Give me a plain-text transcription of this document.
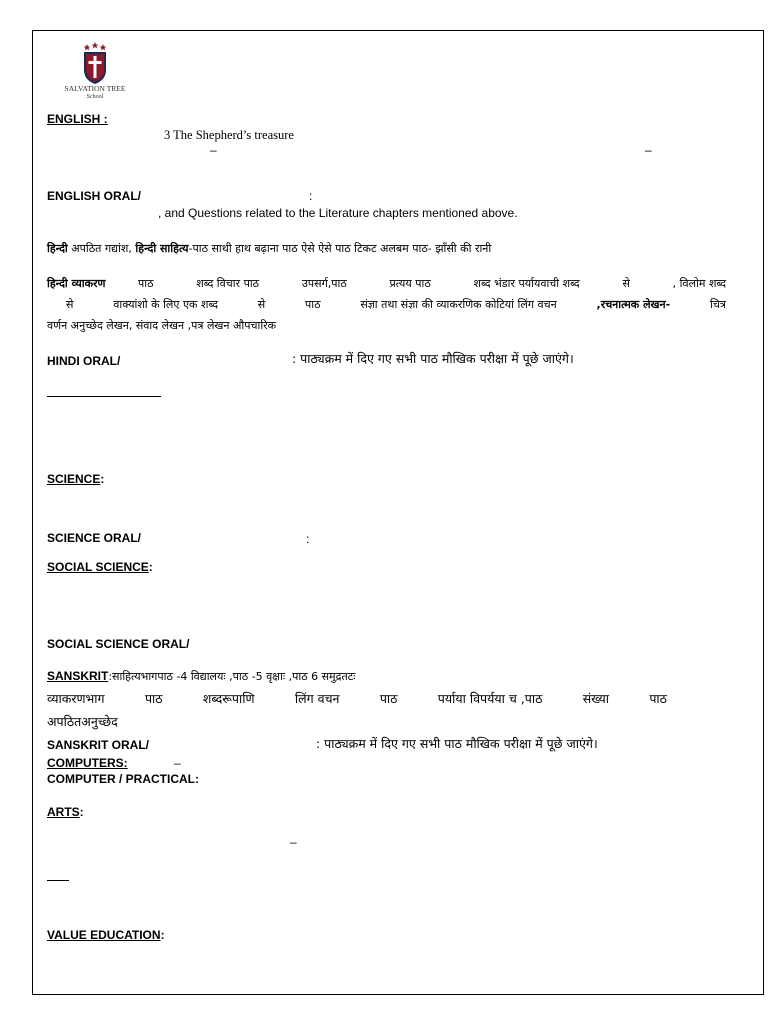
SALVATION TREE
School
ENGLISH :
3 The Shepherd’s treasure
–	–
ENGLISH ORAL/	:
, and Questions related to the Literature chapters mentioned above.
हिन्दी अपठित गद्यांश, हिन्दी साहित्य-पाठ साथी हाथ बढ़ाना पाठ ऐसे ऐसे पाठ टिकट अलबम पाठ- झाँसी की रानी
हिन्दी व्याकरण	पाठ	शब्द विचार पाठ	उपसर्ग,पाठ	प्रत्यय पाठ	शब्द भंडार पर्यायवाची शब्द	से	, विलोम शब्द
से	वाक्यांशो के लिए एक शब्द	से	पाठ	संज्ञा तथा संज्ञा की व्याकरणिक कोटियां लिंग वचन	,रचनात्मक लेखन-	चित्र
वर्णन अनुच्छेद लेखन, संवाद लेखन ,पत्र लेखन औपचारिक
HINDI ORAL/	: पाठ्यक्रम में दिए गए सभी पाठ मौखिक परीक्षा में पूछे जाएंगे।
SCIENCE:
SCIENCE ORAL/	:
SOCIAL SCIENCE:
SOCIAL SCIENCE ORAL/
SANSKRIT:साहित्यभागपाठ -4 विद्यालयः ,पाठ -5 वृक्षाः ,पाठ 6 समुद्रतटः
व्याकरणभाग	पाठ	शब्दरूपाणि	लिंग वचन	पाठ	पर्याया विपर्यया च ,पाठ	संख्या	पाठ
अपठितअनुच्छेद
SANSKRIT ORAL/	: पाठ्यक्रम में दिए गए सभी पाठ मौखिक परीक्षा में पूछे जाएंगे।
COMPUTERS:	–
COMPUTER / PRACTICAL:
ARTS:
–
VALUE EDUCATION:
